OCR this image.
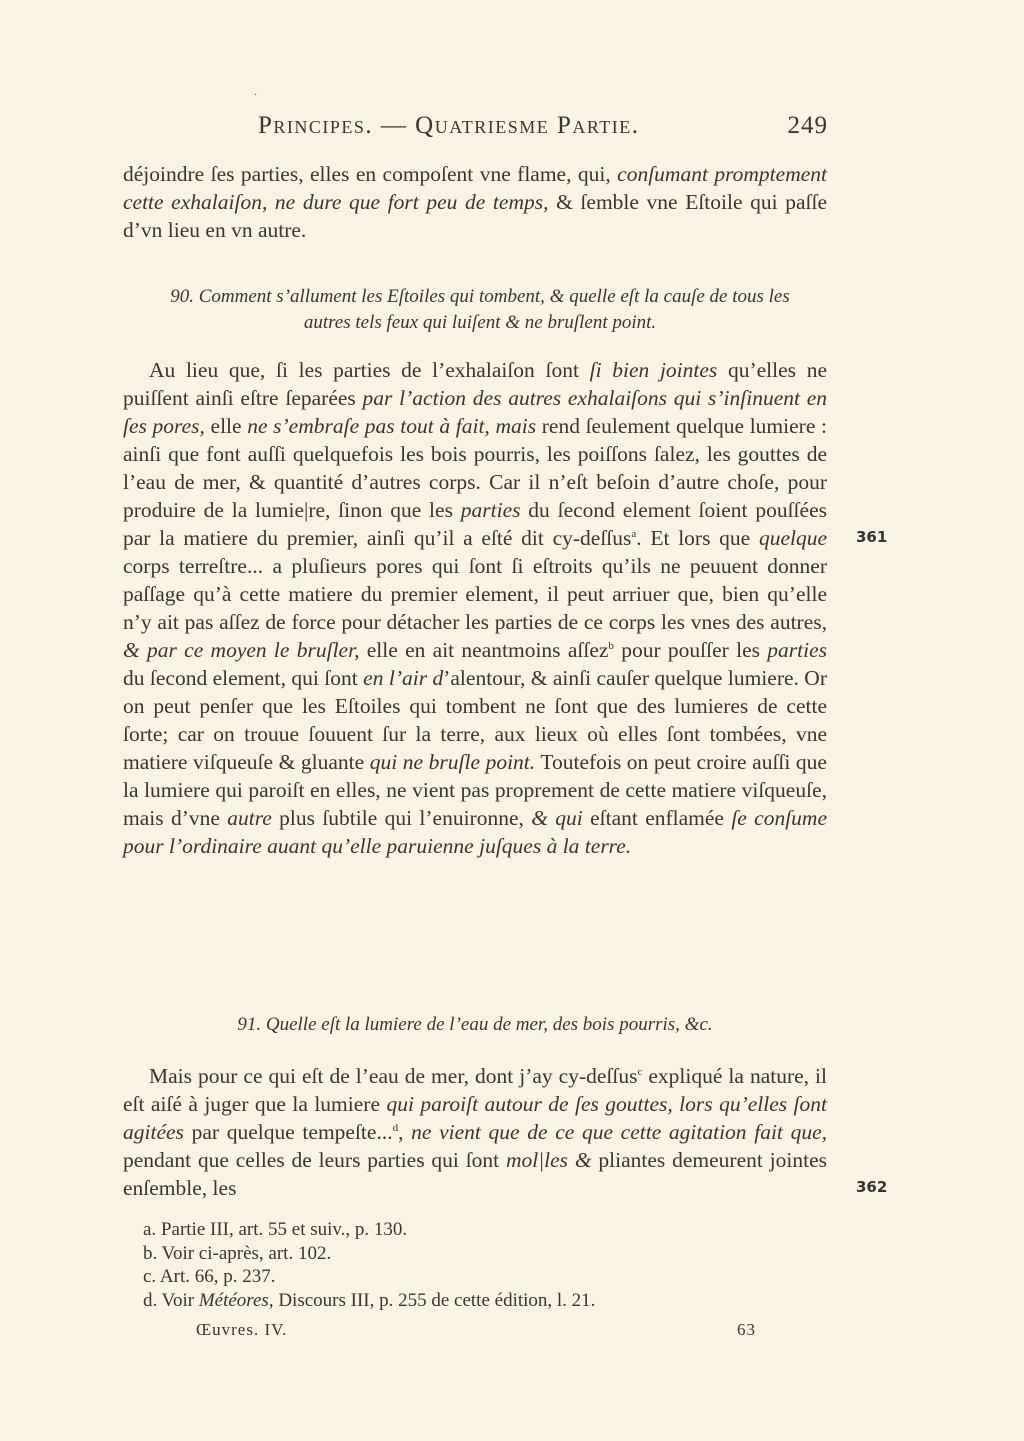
·
Principes. — Quatriesme Partie.	249

déjoindre ſes parties, elles en compoſent vne flame, qui, conſumant promptement cette exhalaiſon, ne dure que fort peu de temps, & ſemble vne Eſtoile qui paſſe d’vn lieu en vn autre.

90. Comment s’allument les Eſtoiles qui tombent, & quelle eſt la cauſe de tous les autres tels feux qui luiſent & ne bruſlent point.

Au lieu que, ſi les parties de l’exhalaiſon ſont ſi bien jointes qu’elles ne puiſſent ainſi eſtre ſeparées par l’action des autres exhalaiſons qui s’inſinuent en ſes pores, elle ne s’embraſe pas tout à fait, mais rend ſeulement quelque lumiere : ainſi que font auſſi quelquefois les bois pourris, les poiſſons ſalez, les gouttes de l’eau de mer, & quantité d’autres corps. Car il n’eſt beſoin d’autre choſe, pour produire de la lumie|re, ſinon que les parties du ſecond element ſoient pouſſées par la matiere du premier, ainſi qu’il a eſté dit cy-deſſus$^a$. Et lors que quelque corps terreſtre... a pluſieurs pores qui ſont ſi eſtroits qu’ils ne peuuent donner paſſage qu’à cette matiere du premier element, il peut arriuer que, bien qu’elle n’y ait pas aſſez de force pour détacher les parties de ce corps les vnes des autres, & par ce moyen le bruſler, elle en ait neantmoins aſſez$^b$ pour pouſſer les parties du ſecond element, qui ſont en l’air d’alentour, & ainſi cauſer quelque lumiere. Or on peut penſer que les Eſtoiles qui tombent ne ſont que des lumieres de cette ſorte; car on trouue ſouuent ſur la terre, aux lieux où elles ſont tombées, vne matiere viſqueuſe & gluante qui ne bruſle point. Toutefois on peut croire auſſi que la lumiere qui paroiſt en elles, ne vient pas proprement de cette matiere viſqueuſe, mais d’vne autre plus ſubtile qui l’enuironne, & qui eſtant enflamée ſe conſume pour l’ordinaire auant qu’elle paruienne juſques à la terre.

361
91. Quelle eſt la lumiere de l’eau de mer, des bois pourris, &c.

Mais pour ce qui eſt de l’eau de mer, dont j’ay cy-deſſus$^c$ expliqué la nature, il eſt aiſé à juger que la lumiere qui paroiſt autour de ſes gouttes, lors qu’elles ſont agitées par quelque tempeſte...$^d$, ne vient que de ce que cette agitation fait que, pendant que celles de leurs parties qui ſont mol|les & pliantes demeurent jointes enſemble, les	362
a. Partie III, art. 55 et suiv., p. 130.
b. Voir ci-après, art. 102.
c. Art. 66, p. 237.
d. Voir Météores, Discours III, p. 255 de cette édition, l. 21.
Œuvres. IV.	63
